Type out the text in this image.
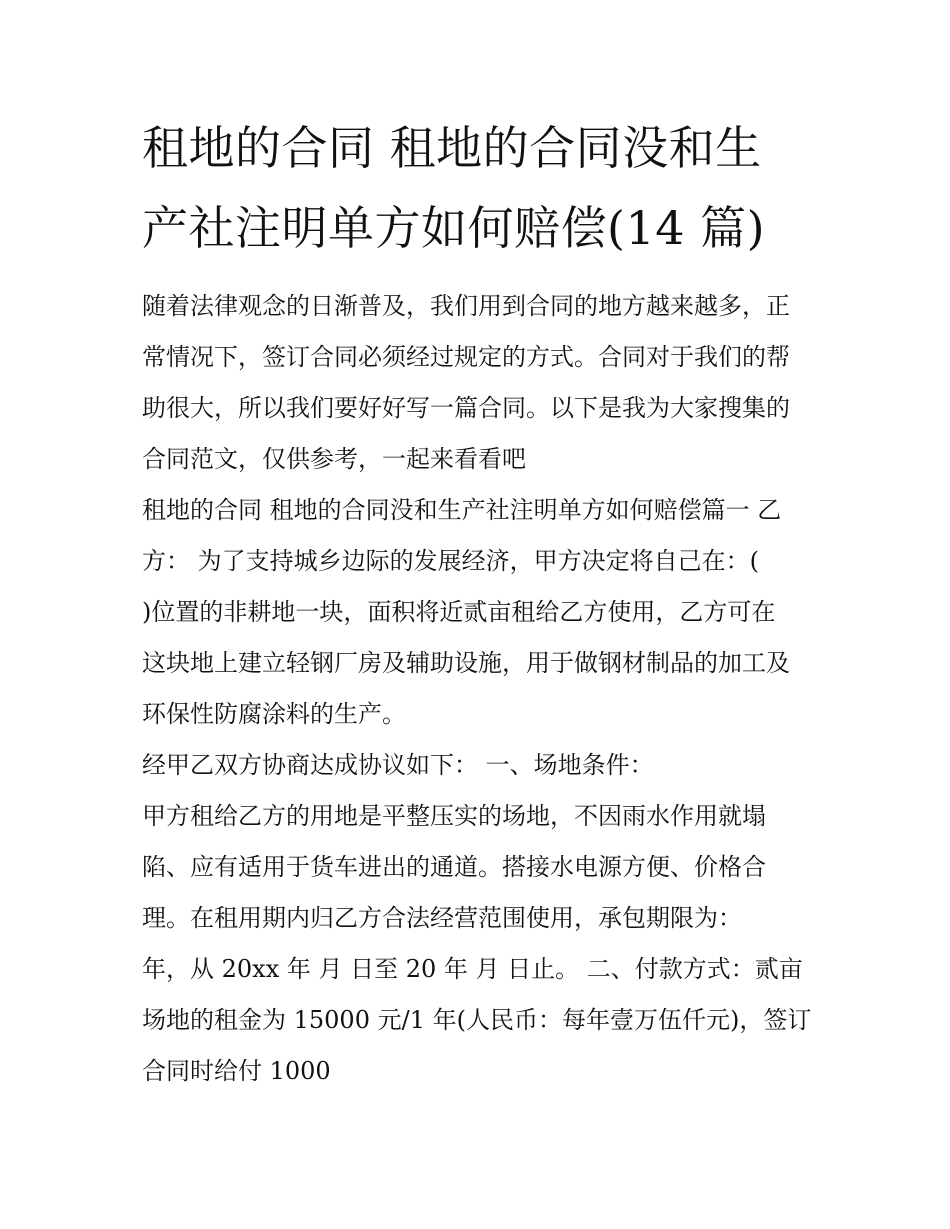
租地的合同 租地的合同没和生
产社注明单方如何赔偿(14 篇)

随着法律观念的日渐普及，我们用到合同的地方越来越多，正

常情况下，签订合同必须经过规定的方式。合同对于我们的帮

助很大，所以我们要好好写一篇合同。以下是我为大家搜集的

合同范文，仅供参考，一起来看看吧

租地的合同 租地的合同没和生产社注明单方如何赔偿篇一 乙

方： 为了支持城乡边际的发展经济，甲方决定将自己在：(

)位置的非耕地一块，面积将近贰亩租给乙方使用，乙方可在

这块地上建立轻钢厂房及辅助设施，用于做钢材制品的加工及

环保性防腐涂料的生产。

经甲乙双方协商达成协议如下： 一、场地条件：

甲方租给乙方的用地是平整压实的场地，不因雨水作用就塌

陷、应有适用于货车进出的通道。搭接水电源方便、价格合

理。在租用期内归乙方合法经营范围使用，承包期限为：

年，从 20xx 年 月 日至 20 年 月 日止。 二、付款方式：贰亩

场地的租金为 15000 元/1 年(人民币：每年壹万伍仟元)，签订

合同时给付 1000
